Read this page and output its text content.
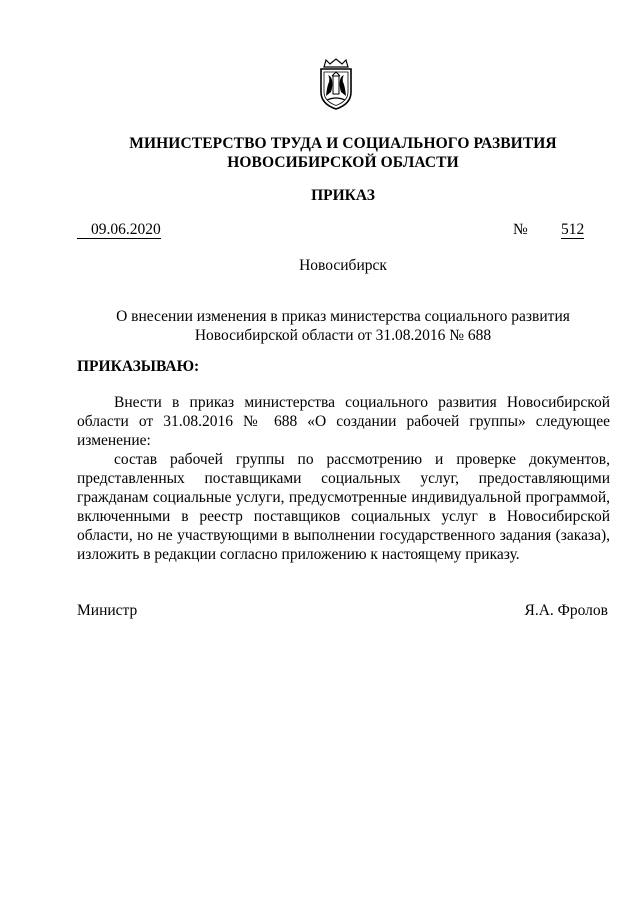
МИНИСТЕРСТВО ТРУДА И СОЦИАЛЬНОГО РАЗВИТИЯ
НОВОСИБИРСКОЙ ОБЛАСТИ
ПРИКАЗ
09.06.2020	№ 512
Новосибирск
О внесении изменения в приказ министерства социального развития
Новосибирской области от 31.08.2016 № 688
ПРИКАЗЫВАЮ:

Внести в приказ министерства социального развития Новосибирской области от 31.08.2016 № 688 «О создании рабочей группы» следующее изменение:

состав рабочей группы по рассмотрению и проверке документов, представленных поставщиками социальных услуг, предоставляющими гражданам социальные услуги, предусмотренные индивидуальной программой, включенными в реестр поставщиков социальных услуг в Новосибирской области, но не участвующими в выполнении государственного задания (заказа), изложить в редакции согласно приложению к настоящему приказу.

Министр	Я.А. Фролов
